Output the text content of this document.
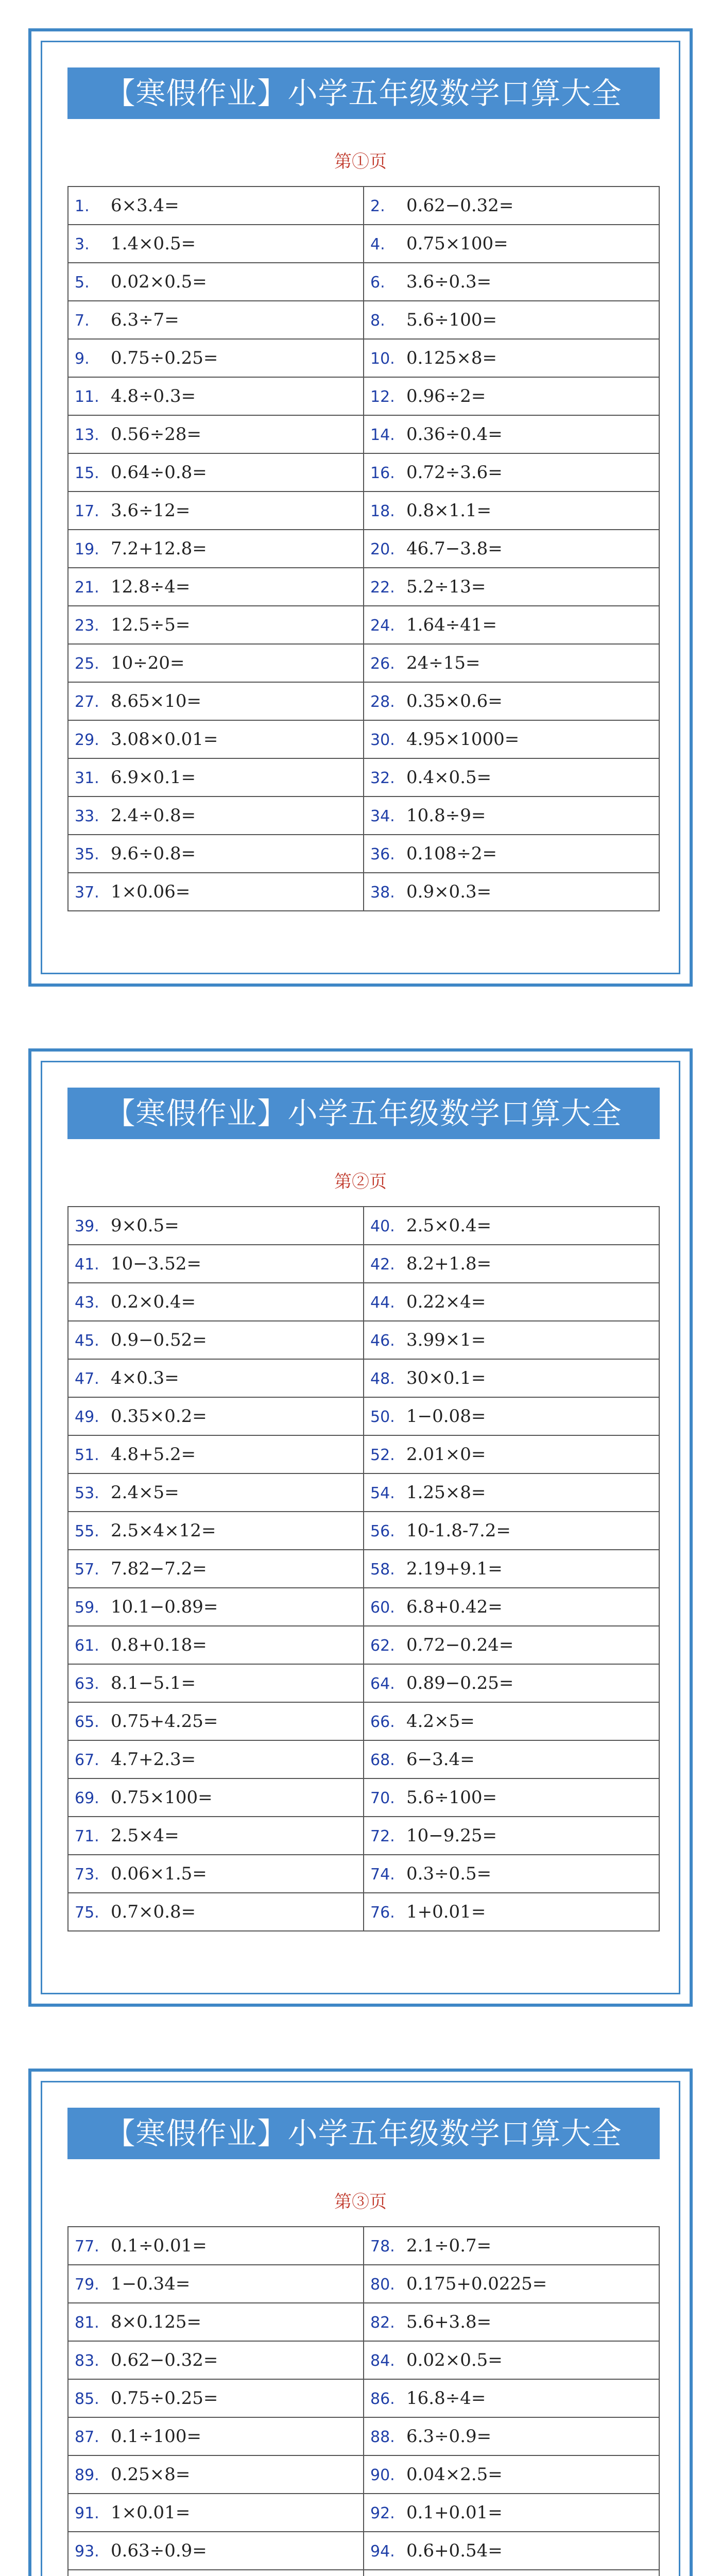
【寒假作业】小学五年级数学口算大全
第①页
1. 6×3.4=	2. 0.62−0.32=
3. 1.4×0.5=	4. 0.75×100=
5. 0.02×0.5=	6. 3.6÷0.3=
7. 6.3÷7=	8. 5.6÷100=
9. 0.75÷0.25=	10. 0.125×8=
11. 4.8÷0.3=	12. 0.96÷2=
13. 0.56÷28=	14. 0.36÷0.4=
15. 0.64÷0.8=	16. 0.72÷3.6=
17. 3.6÷12=	18. 0.8×1.1=
19. 7.2+12.8=	20. 46.7−3.8=
21. 12.8÷4=	22. 5.2÷13=
23. 12.5÷5=	24. 1.64÷41=
25. 10÷20=	26. 24÷15=
27. 8.65×10=	28. 0.35×0.6=
29. 3.08×0.01=	30. 4.95×1000=
31. 6.9×0.1=	32. 0.4×0.5=
33. 2.4÷0.8=	34. 10.8÷9=
35. 9.6÷0.8=	36. 0.108÷2=
37. 1×0.06=	38. 0.9×0.3=
【寒假作业】小学五年级数学口算大全
第②页
39. 9×0.5=	40. 2.5×0.4=
41. 10−3.52=	42. 8.2+1.8=
43. 0.2×0.4=	44. 0.22×4=
45. 0.9−0.52=	46. 3.99×1=
47. 4×0.3=	48. 30×0.1=
49. 0.35×0.2=	50. 1−0.08=
51. 4.8+5.2=	52. 2.01×0=
53. 2.4×5=	54. 1.25×8=
55. 2.5×4×12=	56. 10-1.8-7.2=
57. 7.82−7.2=	58. 2.19+9.1=
59. 10.1−0.89=	60. 6.8+0.42=
61. 0.8+0.18=	62. 0.72−0.24=
63. 8.1−5.1=	64. 0.89−0.25=
65. 0.75+4.25=	66. 4.2×5=
67. 4.7+2.3=	68. 6−3.4=
69. 0.75×100=	70. 5.6÷100=
71. 2.5×4=	72. 10−9.25=
73. 0.06×1.5=	74. 0.3÷0.5=
75. 0.7×0.8=	76. 1+0.01=
【寒假作业】小学五年级数学口算大全
第③页
77. 0.1÷0.01=	78. 2.1÷0.7=
79. 1−0.34=	80. 0.175+0.0225=
81. 8×0.125=	82. 5.6+3.8=
83. 0.62−0.32=	84. 0.02×0.5=
85. 0.75÷0.25=	86. 16.8÷4=
87. 0.1÷100=	88. 6.3÷0.9=
89. 0.25×8=	90. 0.04×2.5=
91. 1×0.01=	92. 0.1+0.01=
93. 0.63÷0.9=	94. 0.6+0.54=
